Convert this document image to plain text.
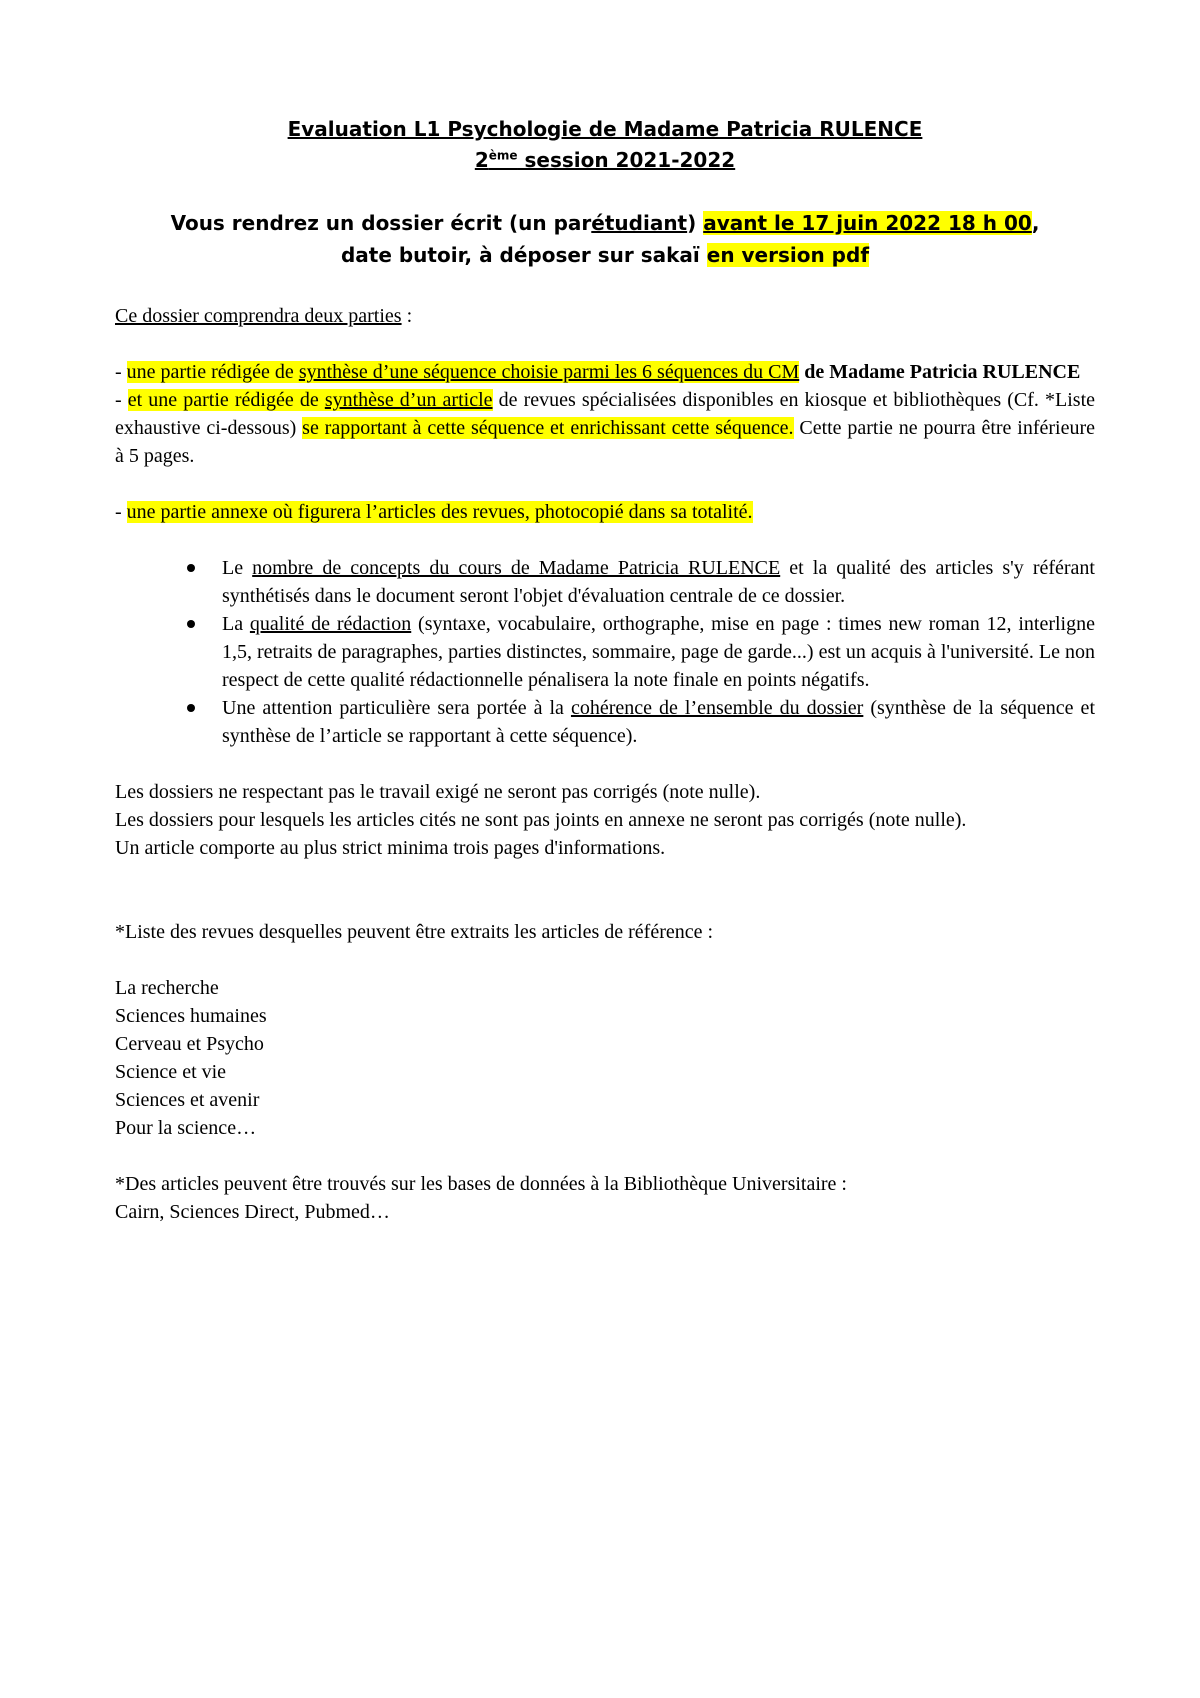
Evaluation L1 Psychologie de Madame Patricia RULENCE

2ème session 2021-2022

Vous rendrez un dossier écrit (un parétudiant) avant le 17 juin 2022 18 h 00,
date butoir, à déposer sur sakaï en version pdf

Ce dossier comprendra deux parties :

- une partie rédigée de synthèse d’une séquence choisie parmi les 6 séquences du CM de Madame Patricia RULENCE

- et une partie rédigée de synthèse d’un article de revues spécialisées disponibles en kiosque et bibliothèques (Cf. *Liste exhaustive ci-dessous) se rapportant à cette séquence et enrichissant cette séquence. Cette partie ne pourra être inférieure à 5 pages.

- une partie annexe où figurera l’articles des revues, photocopié dans sa totalité.

Le nombre de concepts du cours de Madame Patricia RULENCE et la qualité des articles s'y référant synthétisés dans le document seront l'objet d'évaluation centrale de ce dossier.
La qualité de rédaction (syntaxe, vocabulaire, orthographe, mise en page : times new roman 12, interligne 1,5, retraits de paragraphes, parties distinctes, sommaire, page de garde...) est un acquis à l'université. Le non respect de cette qualité rédactionnelle pénalisera la note finale en points négatifs.
Une attention particulière sera portée à la cohérence de l’ensemble du dossier (synthèse de la séquence et synthèse de l’article se rapportant à cette séquence).

Les dossiers ne respectant pas le travail exigé ne seront pas corrigés (note nulle).

Les dossiers pour lesquels les articles cités ne sont pas joints en annexe ne seront pas corrigés (note nulle).

Un article comporte au plus strict minima trois pages d'informations.

*Liste des revues desquelles peuvent être extraits les articles de référence :

La recherche
Sciences humaines
Cerveau et Psycho
Science et vie
Sciences et avenir
Pour la science…

*Des articles peuvent être trouvés sur les bases de données à la Bibliothèque Universitaire :

Cairn, Sciences Direct, Pubmed…
